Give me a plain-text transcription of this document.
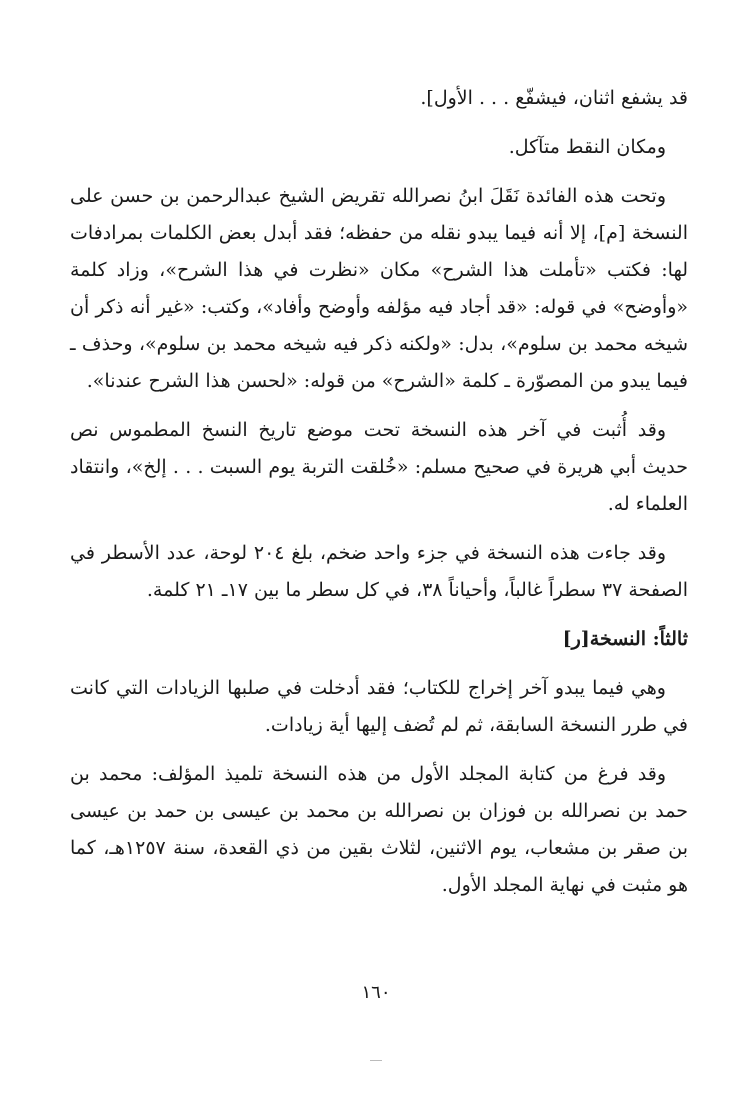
قد يشفع اثنان، فيشفّع . . . الأول].

ومكان النقط متآكل.

وتحت هذه الفائدة نَقَلَ ابنُ نصرالله تقريض الشيخ عبدالرحمن بن حسن على النسخة [م]، إلا أنه فيما يبدو نقله من حفظه؛ فقد أبدل بعض الكلمات بمرادفات لها: فكتب «تأملت هذا الشرح» مكان «نظرت في هذا الشرح»، وزاد كلمة «وأوضح» في قوله: «قد أجاد فيه مؤلفه وأوضح وأفاد»، وكتب: «غير أنه ذكر أن شيخه محمد بن سلوم»، بدل: «ولكنه ذكر فيه شيخه محمد بن سلوم»، وحذف ـ فيما يبدو من المصوّرة ـ كلمة «الشرح» من قوله: «لحسن هذا الشرح عندنا».

وقد أُثبت في آخر هذه النسخة تحت موضع تاريخ النسخ المطموس نص حديث أبي هريرة في صحيح مسلم: «خُلقت التربة يوم السبت . . . إلخ»، وانتقاد العلماء له.

وقد جاءت هذه النسخة في جزء واحد ضخم، بلغ ٢٠٤ لوحة، عدد الأسطر في الصفحة ٣٧ سطراً غالباً، وأحياناً ٣٨، في كل سطر ما بين ١٧ـ ٢١ كلمة.

ثالثاً: النسخة[ر]

وهي فيما يبدو آخر إخراج للكتاب؛ فقد أدخلت في صلبها الزيادات التي كانت في طرر النسخة السابقة، ثم لم تُضف إليها أية زيادات.

وقد فرغ من كتابة المجلد الأول من هذه النسخة تلميذ المؤلف: محمد بن حمد بن نصرالله بن فوزان بن نصرالله بن محمد بن عيسى بن حمد بن عيسى بن صقر بن مشعاب، يوم الاثنين، لثلاث بقين من ذي القعدة، سنة ١٢٥٧هـ، كما هو مثبت في نهاية المجلد الأول.

١٦٠
